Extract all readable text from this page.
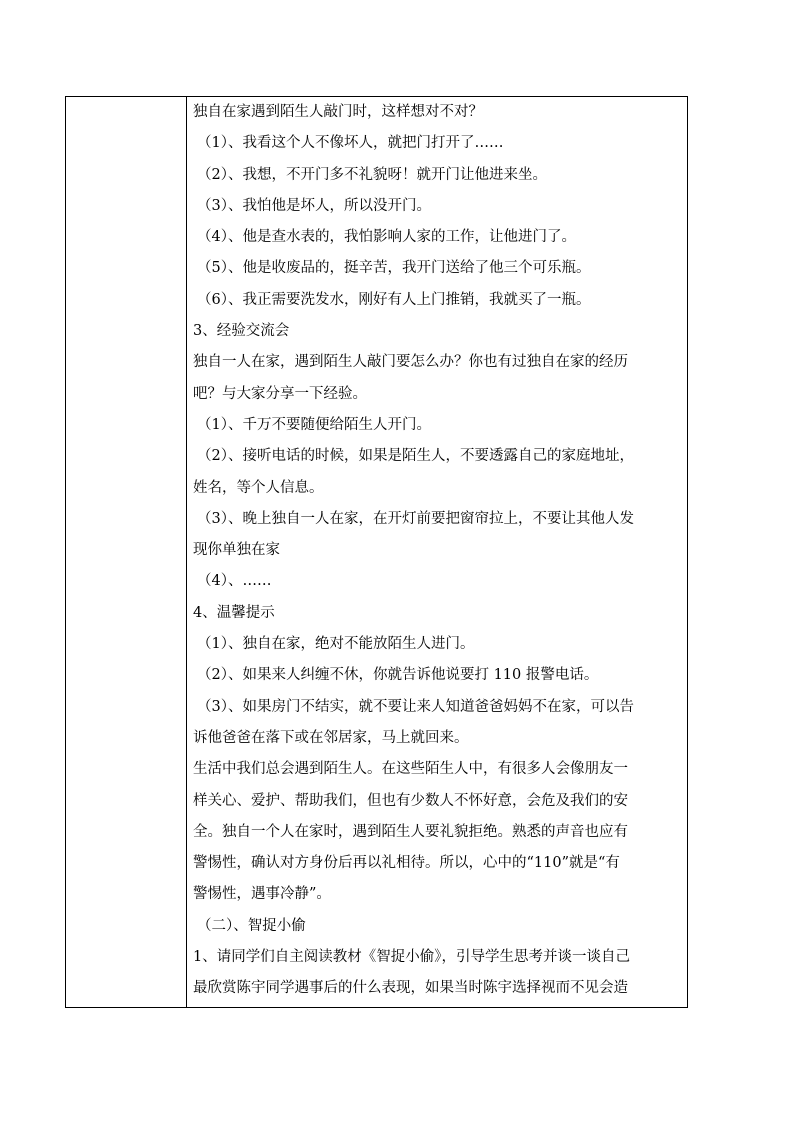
独自在家遇到陌生人敲门时，这样想对不对？
（1）、我看这个人不像坏人，就把门打开了……
（2）、我想，不开门多不礼貌呀！就开门让他进来坐。
（3）、我怕他是坏人，所以没开门。
（4）、他是查水表的，我怕影响人家的工作，让他进门了。
（5）、他是收废品的，挺辛苦，我开门送给了他三个可乐瓶。
（6）、我正需要洗发水，刚好有人上门推销，我就买了一瓶。
3、经验交流会
独自一人在家，遇到陌生人敲门要怎么办？你也有过独自在家的经历
吧？与大家分享一下经验。
（1）、千万不要随便给陌生人开门。
（2）、接听电话的时候，如果是陌生人，不要透露自己的家庭地址，
姓名，等个人信息。
（3）、晚上独自一人在家，在开灯前要把窗帘拉上，不要让其他人发
现你单独在家
（4）、……
4、温馨提示
（1）、独自在家，绝对不能放陌生人进门。
（2）、如果来人纠缠不休，你就告诉他说要打 110 报警电话。
（3）、如果房门不结实，就不要让来人知道爸爸妈妈不在家，可以告
诉他爸爸在落下或在邻居家，马上就回来。
生活中我们总会遇到陌生人。在这些陌生人中，有很多人会像朋友一
样关心、爱护、帮助我们，但也有少数人不怀好意，会危及我们的安
全。独自一个人在家时，遇到陌生人要礼貌拒绝。熟悉的声音也应有
警惕性，确认对方身份后再以礼相待。所以，心中的“110”就是“有
警惕性，遇事冷静”。
（二）、智捉小偷
1、请同学们自主阅读教材《智捉小偷》，引导学生思考并谈一谈自己
最欣赏陈宇同学遇事后的什么表现，如果当时陈宇选择视而不见会造
